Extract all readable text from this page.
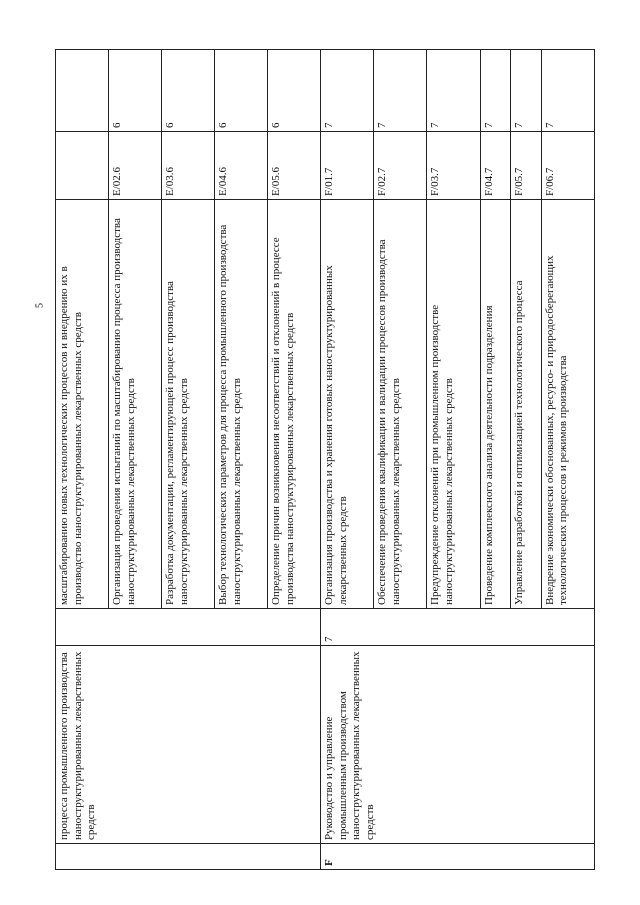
5
	процесса промышленного производства наноструктурированных лекарственных средств		масштабированию новых технологических процессов и внедрению их в производство наноструктурированных лекарственных средств		
			Организация проведения испытаний по масштабированию процесса производства наноструктурированных лекарственных средств	E/02.6	6
			Разработка документации, регламентирующей процесс производства наноструктурированных лекарственных средств	E/03.6	6
			Выбор технологических параметров для процесса промышленного производства наноструктурированных лекарственных средств	E/04.6	6
			Определение причин возникновения несоответствий и отклонений в процессе производства наноструктурированных лекарственных средств	E/05.6	6
F	Руководство и управление промышленным производством наноструктурированных лекарственных средств	7	Организация производства и хранения готовых наноструктурированных лекарственных средств	F/01.7	7
			Обеспечение проведения квалификации и валидации процессов производства наноструктурированных лекарственных средств	F/02.7	7
			Предупреждение отклонений при промышленном производстве наноструктурированных лекарственных средств	F/03.7	7
			Проведение комплексного анализа деятельности подразделения	F/04.7	7
			Управление разработкой и оптимизацией технологического процесса	F/05.7	7
			Внедрение экономически обоснованных, ресурсо- и природосберегающих технологических процессов и режимов производства	F/06.7	7
